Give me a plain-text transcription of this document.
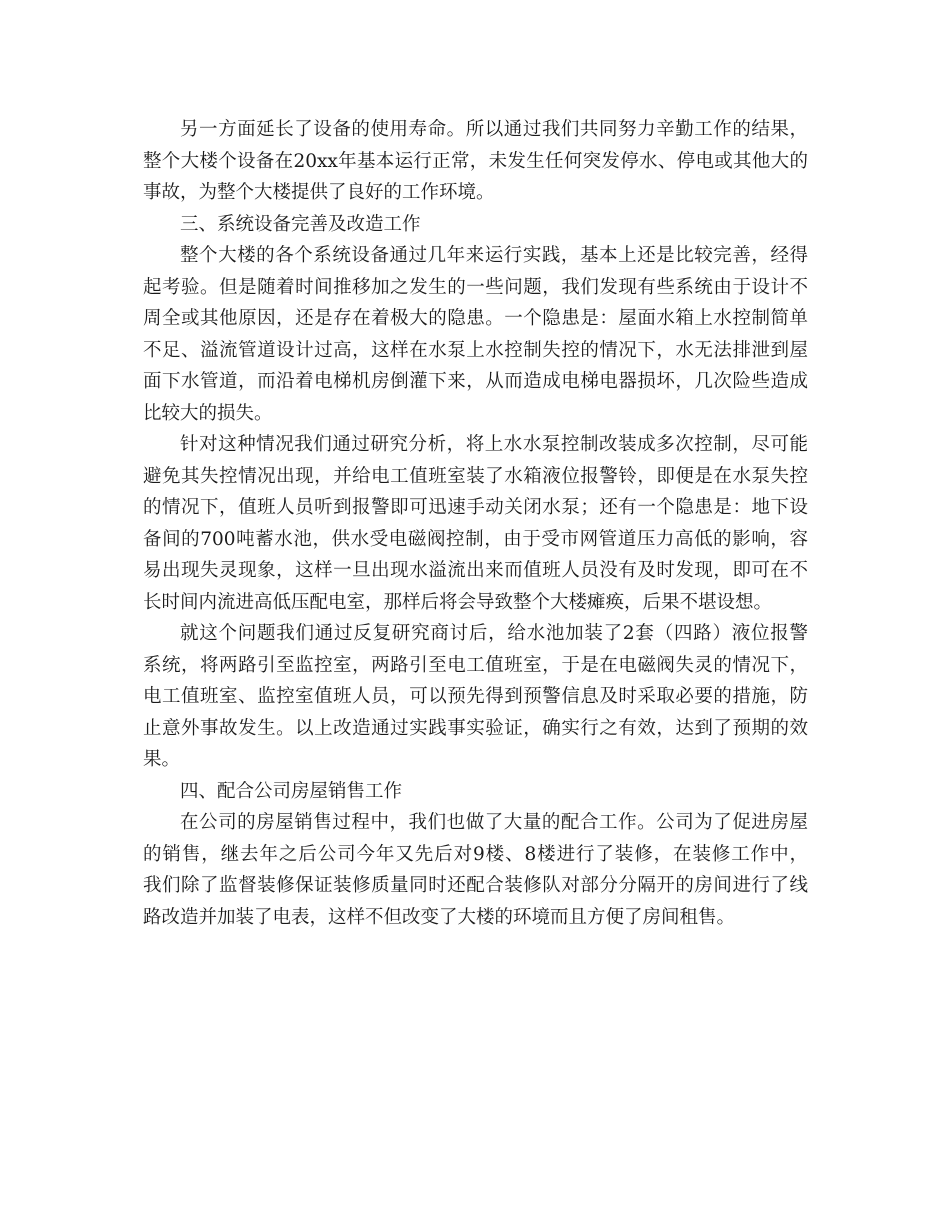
另一方面延长了设备的使用寿命。所以通过我们共同努力辛勤工作的结果，
整个大楼个设备在20xx年基本运行正常，未发生任何突发停水、停电或其他大的
事故，为整个大楼提供了良好的工作环境。
三、系统设备完善及改造工作
整个大楼的各个系统设备通过几年来运行实践，基本上还是比较完善，经得
起考验。但是随着时间推移加之发生的一些问题，我们发现有些系统由于设计不
周全或其他原因，还是存在着极大的隐患。一个隐患是：屋面水箱上水控制简单
不足、溢流管道设计过高，这样在水泵上水控制失控的情况下，水无法排泄到屋
面下水管道，而沿着电梯机房倒灌下来，从而造成电梯电器损坏，几次险些造成
比较大的损失。
针对这种情况我们通过研究分析，将上水水泵控制改装成多次控制，尽可能
避免其失控情况出现，并给电工值班室装了水箱液位报警铃，即便是在水泵失控
的情况下，值班人员听到报警即可迅速手动关闭水泵；还有一个隐患是：地下设
备间的700吨蓄水池，供水受电磁阀控制，由于受市网管道压力高低的影响，容
易出现失灵现象，这样一旦出现水溢流出来而值班人员没有及时发现，即可在不
长时间内流进高低压配电室，那样后将会导致整个大楼瘫痪，后果不堪设想。
就这个问题我们通过反复研究商讨后，给水池加装了2套（四路）液位报警
系统，将两路引至监控室，两路引至电工值班室，于是在电磁阀失灵的情况下，
电工值班室、监控室值班人员，可以预先得到预警信息及时采取必要的措施，防
止意外事故发生。以上改造通过实践事实验证，确实行之有效，达到了预期的效
果。
四、配合公司房屋销售工作
在公司的房屋销售过程中，我们也做了大量的配合工作。公司为了促进房屋
的销售，继去年之后公司今年又先后对9楼、8楼进行了装修，在装修工作中，
我们除了监督装修保证装修质量同时还配合装修队对部分分隔开的房间进行了线
路改造并加装了电表，这样不但改变了大楼的环境而且方便了房间租售。
